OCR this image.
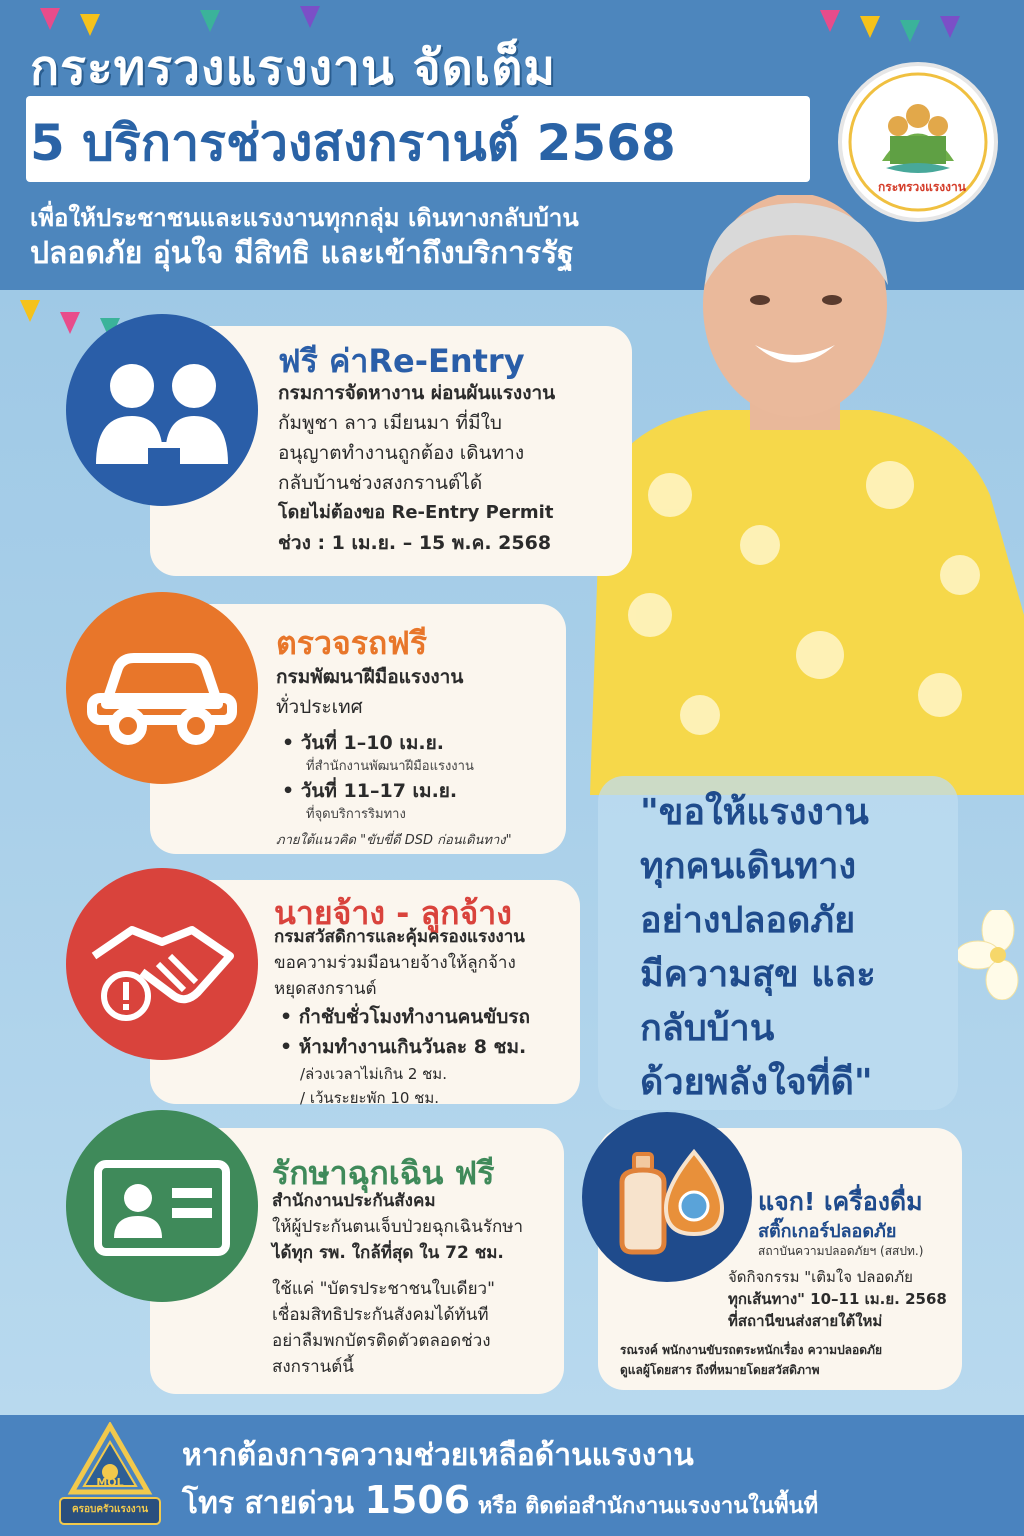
กระทรวงแรงงาน จัดเต็ม
5 บริการช่วงสงกรานต์ 2568
เพื่อให้ประชาชนและแรงงานทุกกลุ่ม เดินทางกลับบ้าน
ปลอดภัย อุ่นใจ มีสิทธิ และเข้าถึงบริการรัฐ
กระทรวงแรงงาน
ฟรี ค่าRe-Entry
กรมการจัดหางาน ผ่อนผันแรงงาน
กัมพูชา ลาว เมียนมา ที่มีใบ
อนุญาตทำงานถูกต้อง เดินทาง
กลับบ้านช่วงสงกรานต์ได้
โดยไม่ต้องขอ Re-Entry Permit
ช่วง : 1 เม.ย. – 15 พ.ค. 2568
ตรวจรถฟรี
กรมพัฒนาฝีมือแรงงาน
ทั่วประเทศ
• วันที่ 1–10 เม.ย.
ที่สำนักงานพัฒนาฝีมือแรงงาน
• วันที่ 11–17 เม.ย.
ที่จุดบริการริมทาง
ภายใต้แนวคิด "ขับขี่ดี DSD ก่อนเดินทาง"
นายจ้าง - ลูกจ้าง
กรมสวัสดิการและคุ้มครองแรงงาน
ขอความร่วมมือนายจ้างให้ลูกจ้าง
หยุดสงกรานต์
• กำชับชั่วโมงทำงานคนขับรถ
• ห้ามทำงานเกินวันละ 8 ชม.
/ล่วงเวลาไม่เกิน 2 ชม.
/ เว้นระยะพัก 10 ชม.
รักษาฉุกเฉิน ฟรี
สำนักงานประกันสังคม
ให้ผู้ประกันตนเจ็บป่วยฉุกเฉินรักษา
ได้ทุก รพ. ใกล้ที่สุด ใน 72 ชม.
ใช้แค่ "บัตรประชาชนใบเดียว"
เชื่อมสิทธิประกันสังคมได้ทันที
อย่าลืมพกบัตรติดตัวตลอดช่วง
สงกรานต์นี้
"ขอให้แรงงาน
ทุกคนเดินทาง
อย่างปลอดภัย
มีความสุข และ
กลับบ้าน
ด้วยพลังใจที่ดี"
แจก! เครื่องดื่ม
สติ๊กเกอร์ปลอดภัย
สถาบันความปลอดภัยฯ (สสปท.)
จัดกิจกรรม "เติมใจ ปลอดภัย
ทุกเส้นทาง" 10–11 เม.ย. 2568
ที่สถานีขนส่งสายใต้ใหม่
รณรงค์ พนักงานขับรถตระหนักเรื่อง ความปลอดภัย
ดูแลผู้โดยสาร ถึงที่หมายโดยสวัสดิภาพ
MOL
ครอบครัวแรงงาน
หากต้องการความช่วยเหลือด้านแรงงาน
โทร สายด่วน 1506 หรือ ติดต่อสำนักงานแรงงานในพื้นที่
